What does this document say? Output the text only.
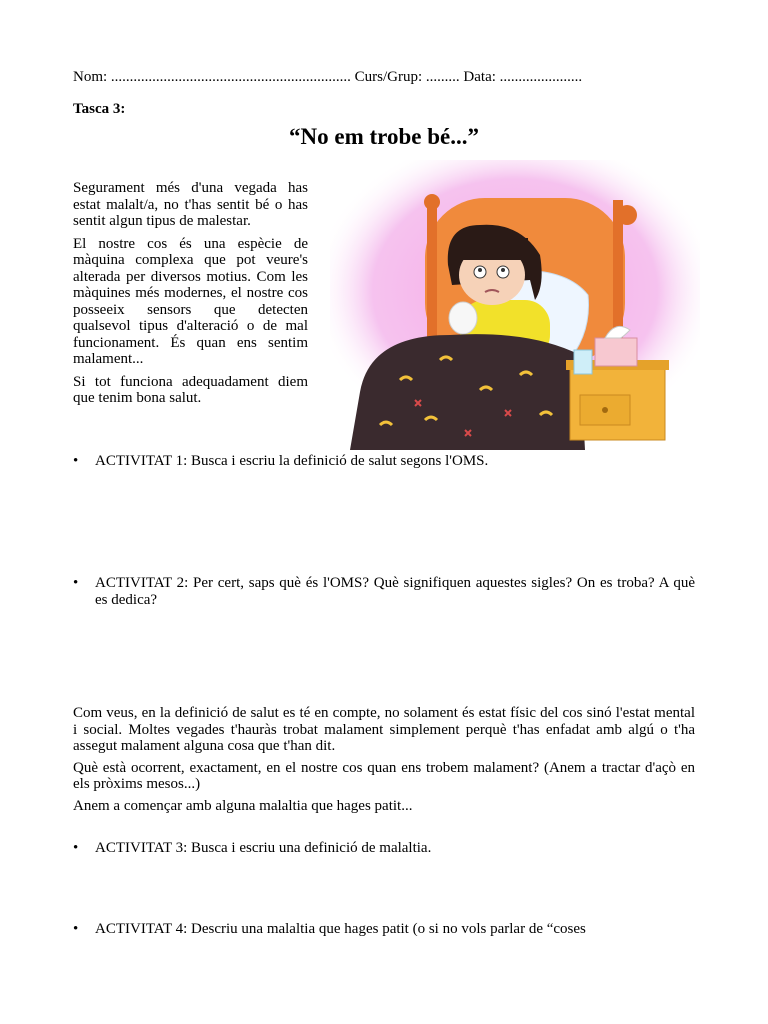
Nom: ................................................................ Curs/Grup: ......... Data: ......................
Tasca 3:
“No em trobe bé...”

Segurament més d'una vegada has estat malalt/a, no t'has sentit bé o has sentit algun tipus de malestar.

El nostre cos és una espècie de màquina complexa que pot veure's alterada per diversos motius. Com les màquines més modernes, el nostre cos posseeix sensors que detecten qualsevol tipus d'alteració o de mal funcionament. És quan ens sentim malament...

Si tot funciona adequadament diem que tenim bona salut.

•	ACTIVITAT 1: Busca i escriu la definició de salut segons l'OMS.
•	ACTIVITAT 2: Per cert, saps què és l'OMS? Què signifiquen aquestes sigles? On es troba? A què es dedica?

Com veus, en la definició de salut es té en compte, no solament és estat físic del cos sinó l'estat mental i social. Moltes vegades t'hauràs trobat malament simplement perquè t'has enfadat amb algú o t'ha assegut malament alguna cosa que t'han dit.

Què està ocorrent, exactament, en el nostre cos quan ens trobem malament? (Anem a tractar d'açò en els pròxims mesos...)

Anem a començar amb alguna malaltia que hages patit...

•	ACTIVITAT 3: Busca i escriu una definició de malaltia.
•	ACTIVITAT 4: Descriu una malaltia que hages patit (o si no vols parlar de “coses
